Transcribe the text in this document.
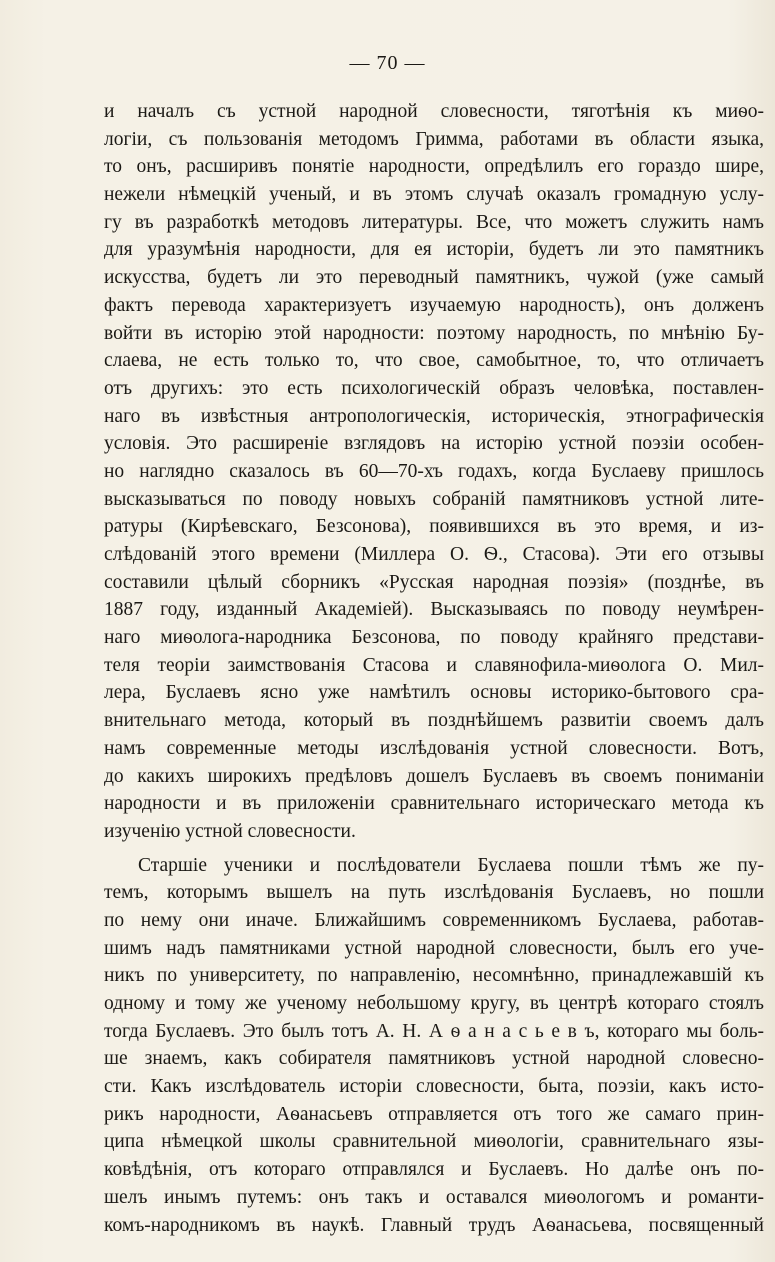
— 70 —
и началъ съ устной народной словесности, тяготѣнія къ миѳо-
логіи, съ пользованія методомъ Гримма, работами въ области языка,
то онъ, расширивъ понятіе народности, опредѣлилъ его гораздо шире,
нежели нѣмецкій ученый, и въ этомъ случаѣ оказалъ громадную услу-
гу въ разработкѣ методовъ литературы. Все, что можетъ служить намъ
для уразумѣнія народности, для ея исторіи, будетъ ли это памятникъ
искусства, будетъ ли это переводный памятникъ, чужой (уже самый
фактъ перевода характеризуетъ изучаемую народность), онъ долженъ
войти въ исторію этой народности: поэтому народность, по мнѣнію Бу-
слаева, не есть только то, что свое, самобытное, то, что отличаетъ
отъ другихъ: это есть психологическій образъ человѣка, поставлен-
наго въ извѣстныя антропологическія, историческія, этнографическія
условія. Это расширеніе взглядовъ на исторію устной поэзіи особен-
но наглядно сказалось въ 60—70-хъ годахъ, когда Буслаеву пришлось
высказываться по поводу новыхъ собраній памятниковъ устной лите-
ратуры (Кирѣевскаго, Безсонова), появившихся въ это время, и из-
слѣдованій этого времени (Миллера О. Ѳ., Стасова). Эти его отзывы
составили цѣлый сборникъ «Русская народная поэзія» (позднѣе, въ
1887 году, изданный Академіей). Высказываясь по поводу неумѣрен-
наго миѳолога-народника Безсонова, по поводу крайняго представи-
теля теоріи заимствованія Стасова и славянофила-миѳолога О. Мил-
лера, Буслаевъ ясно уже намѣтилъ основы историко-бытового сра-
внительнаго метода, который въ позднѣйшемъ развитіи своемъ далъ
намъ современные методы изслѣдованія устной словесности. Вотъ,
до какихъ широкихъ предѣловъ дошелъ Буслаевъ въ своемъ пониманіи
народности и въ приложеніи сравнительнаго историческаго метода къ
изученію устной словесности.
Старшіе ученики и послѣдователи Буслаева пошли тѣмъ же пу-
темъ, которымъ вышелъ на путь изслѣдованія Буслаевъ, но пошли
по нему они иначе. Ближайшимъ современникомъ Буслаева, работав-
шимъ надъ памятниками устной народной словесности, былъ его уче-
никъ по университету, по направленію, несомнѣнно, принадлежавшій къ
одному и тому же ученому небольшому кругу, въ центрѣ котораго стоялъ
тогда Буслаевъ. Это былъ тотъ А. Н. А ѳ а н а с ь е в ъ, котораго мы боль-
ше знаемъ, какъ собирателя памятниковъ устной народной словесно-
сти. Какъ изслѣдователь исторіи словесности, быта, поэзіи, какъ исто-
рикъ народности, Аѳанасьевъ отправляется отъ того же самаго прин-
ципа нѣмецкой школы сравнительной миѳологіи, сравнительнаго язы-
ковѣдѣнія, отъ котораго отправлялся и Буслаевъ. Но далѣе онъ по-
шелъ инымъ путемъ: онъ такъ и оставался миѳологомъ и романти-
комъ-народникомъ въ наукѣ. Главный трудъ Аѳанасьева, посвященный
